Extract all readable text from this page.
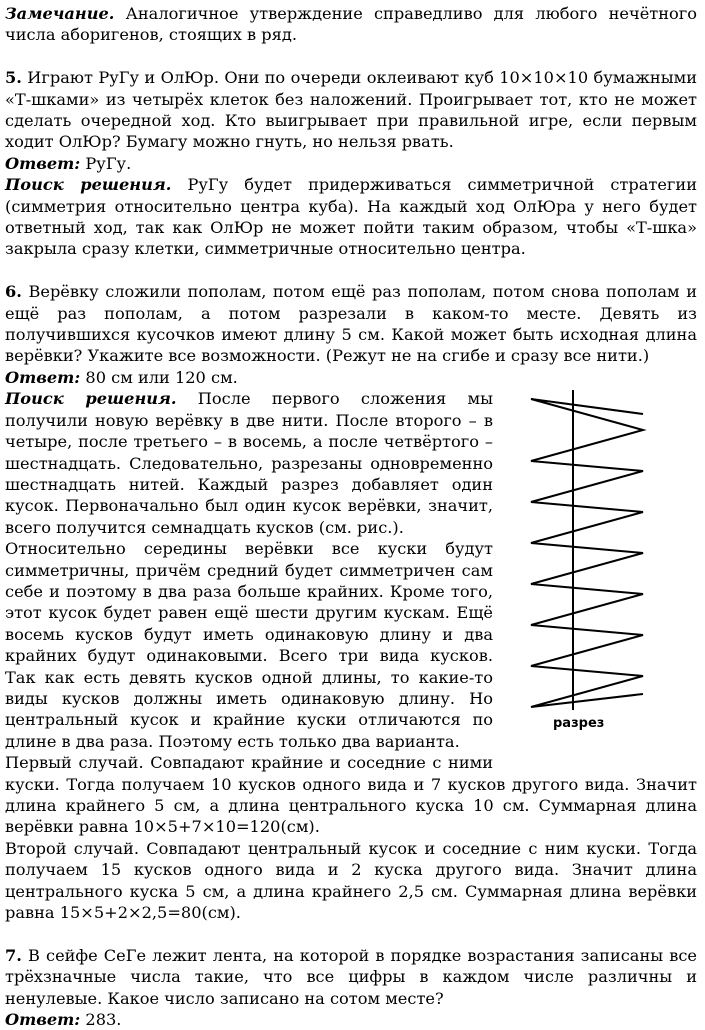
Замечание. Аналогичное утверждение справедливо для любого нечётного числа аборигенов, стоящих в ряд.

5. Играют РуГу и ОлЮр. Они по очереди оклеивают куб 10×10×10 бумажными «Т-шками» из четырёх клеток без наложений. Проигрывает тот, кто не может сделать очередной ход. Кто выигрывает при правильной игре, если первым ходит ОлЮр? Бумагу можно гнуть, но нельзя рвать.

Ответ: РуГу.

Поиск решения. РуГу будет придерживаться симметричной стратегии (симметрия относительно центра куба). На каждый ход ОлЮра у него будет ответный ход, так как ОлЮр не может пойти таким образом, чтобы «Т-шка» закрыла сразу клетки, симметричные относительно центра.

6. Верёвку сложили пополам, потом ещё раз пополам, потом снова пополам и ещё раз пополам, а потом разрезали в каком-то месте. Девять из получившихся кусочков имеют длину 5 см. Какой может быть исходная длина верёвки? Укажите все возможности. (Режут не на сгибе и сразу все нити.)

Ответ: 80 см или 120 см.

разрез

Поиск решения. После первого сложения мы получили новую верёвку в две нити. После второго – в четыре, после третьего – в восемь, а после четвёртого – шестнадцать. Следовательно, разрезаны одновременно шестнадцать нитей. Каждый разрез добавляет один кусок. Первоначально был один кусок верёвки, значит, всего получится семнадцать кусков (см. рис.).

Относительно середины верёвки все куски будут симметричны, причём средний будет симметричен сам себе и поэтому в два раза больше крайних. Кроме того, этот кусок будет равен ещё шести другим кускам. Ещё восемь кусков будут иметь одинаковую длину и два крайних будут одинаковыми. Всего три вида кусков. Так как есть девять кусков одной длины, то какие-то виды кусков должны иметь одинаковую длину. Но центральный кусок и крайние куски отличаются по длине в два раза. Поэтому есть только два варианта.

Первый случай. Совпадают крайние и соседние с ними куски. Тогда получаем 10 кусков одного вида и 7 кусков другого вида. Значит длина крайнего 5 см, а длина центрального куска 10 см. Суммарная длина верёвки равна 10×5+7×10=120(см).

Второй случай. Совпадают центральный кусок и соседние с ним куски. Тогда получаем 15 кусков одного вида и 2 куска другого вида. Значит длина центрального куска 5 см, а длина крайнего 2,5 см. Суммарная длина верёвки равна 15×5+2×2,5=80(см).

7. В сейфе СеГе лежит лента, на которой в порядке возрастания записаны все трёхзначные числа такие, что все цифры в каждом числе различны и ненулевые. Какое число записано на сотом месте?

Ответ: 283.
